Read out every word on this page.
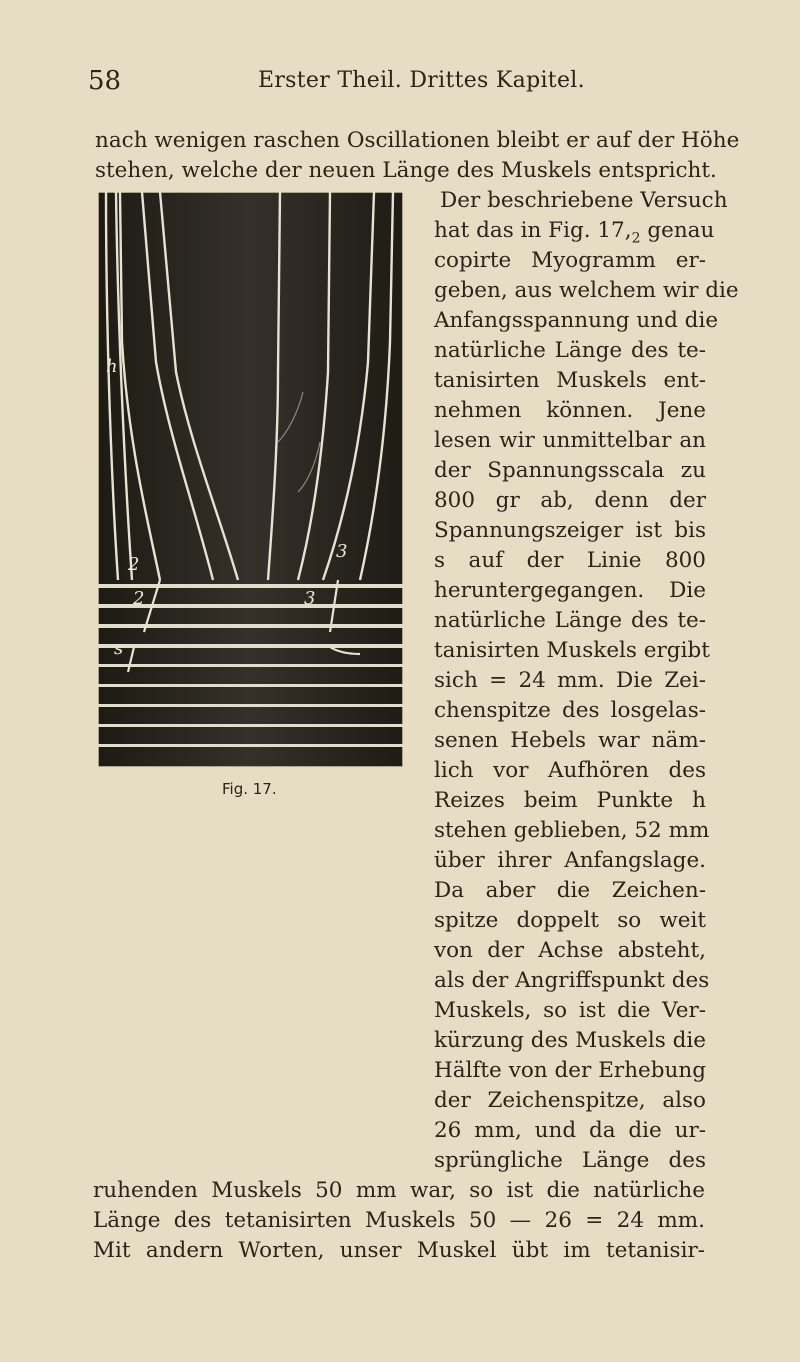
58	Erster Theil. Drittes Kapitel.
nach wenigen raschen Oscillationen bleibt er auf der Höhe
stehen, welche der neuen Länge des Muskels entspricht.
Der beschriebene Versuch
hat das in Fig. $17,_2$ genau
copirte Myogramm er-
geben, aus welchem wir die
Anfangsspannung und die
natürliche Länge des te-
tanisirten Muskels ent-
nehmen können. Jene
lesen wir unmittelbar an
der Spannungsscala zu
800 gr ab, denn der
Spannungszeiger ist bis
s auf der Linie 800
heruntergegangen. Die
natürliche Länge des te-
tanisirten Muskels ergibt
sich = 24 mm. Die Zei-
chenspitze des losgelas-
senen Hebels war näm-
lich vor Aufhören des
Reizes beim Punkte h
stehen geblieben, 52 mm
über ihrer Anfangslage.
Da aber die Zeichen-
spitze doppelt so weit
von der Achse absteht,
als der Angriffspunkt des
Muskels, so ist die Ver-
kürzung des Muskels die
Hälfte von der Erhebung
der Zeichenspitze, also
26 mm, und da die ur-
sprüngliche Länge des
ruhenden Muskels 50 mm war, so ist die natürliche
Länge des tetanisirten Muskels 50 — 26 = 24 mm.
Mit andern Worten, unser Muskel übt im tetanisir-
h
2
3
2	3
s
Fig. 17.
